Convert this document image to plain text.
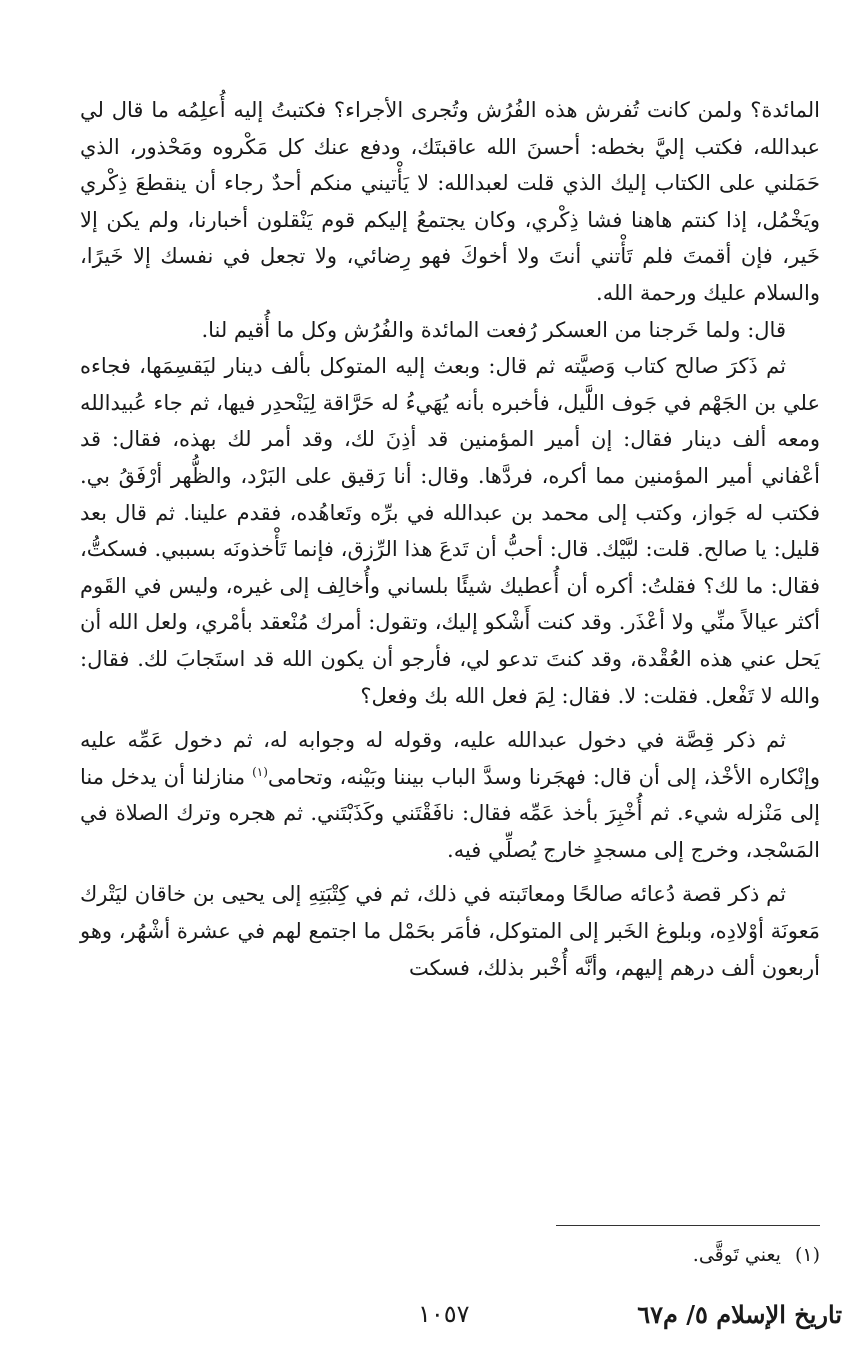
المائدة؟ ولمن كانت تُفرش هذه الفُرُش وتُجرى الأجراء؟ فكتبتُ إليه أُعلِمُه ما قال لي عبدالله، فكتب إليَّ بخطه: أحسنَ الله عاقبتَك، ودفع عنك كل مَكْروه ومَحْذور، الذي حَمَلني على الكتاب إليك الذي قلت لعبدالله: لا يَأْتيني منكم أحدٌ رجاء أن ينقطعَ ذِكْري ويَخْمُل، إذا كنتم هاهنا فشا ذِكْري، وكان يجتمعُ إليكم قوم يَنْقلون أخبارنا، ولم يكن إلا خَير، فإن أقمتَ فلم تَأْتني أنتَ ولا أخوكَ فهو رِضائي، ولا تجعل في نفسك إلا خَيرًا، والسلام عليك ورحمة الله.

قال: ولما خَرجنا من العسكر رُفعت المائدة والفُرُش وكل ما أُقيم لنا.

ثم ذَكرَ صالح كتاب وَصيَّته ثم قال: وبعث إليه المتوكل بألف دينار ليَقسِمَها، فجاءه علي بن الجَهْم في جَوف اللَّيل، فأخبره بأنه يُهَيءُ له حَرَّاقة لِيَنْحدِر فيها، ثم جاء عُبيدالله ومعه ألف دينار فقال: إن أمير المؤمنين قد أذِنَ لك، وقد أمر لك بهذه، فقال: قد أعْفاني أمير المؤمنين مما أكره، فردَّها. وقال: أنا رَقيق على البَرْد، والظُّهر أرْفَقُ بي. فكتب له جَواز، وكتب إلى محمد بن عبدالله في برِّه وتَعاهُده، فقدم علينا. ثم قال بعد قليل: يا صالح. قلت: لبَّيْك. قال: أحبُّ أن تَدعَ هذا الرِّزق، فإنما تَأْخذونَه بسببي. فسكتُّ، فقال: ما لك؟ فقلتُ: أكره أن أُعطيك شيئًا بلساني وأُخالِف إلى غيره، وليس في القَوم أكثر عيالاً منِّي ولا أعْذَر. وقد كنت أَشْكو إليك، وتقول: أمرك مُنْعقد بأمْري، ولعل الله أن يَحل عني هذه العُقْدة، وقد كنتَ تدعو لي، فأرجو أن يكون الله قد استَجابَ لك. فقال: والله لا تَفْعل. فقلت: لا. فقال: لِمَ فعل الله بك وفعل؟

ثم ذكر قِصَّة في دخول عبدالله عليه، وقوله له وجوابه له، ثم دخول عَمِّه عليه وإنْكاره الأخْذ، إلى أن قال: فهجَرنا وسدَّ الباب بيننا وبَيْنه، وتحامى$^{(١)}$ منازلنا أن يدخل منا إلى مَنْزله شيء. ثم أُخْبِرَ بأخذ عَمِّه فقال: نافَقْتَني وكَذَبْتَني. ثم هجره وترك الصلاة في المَسْجد، وخرج إلى مسجدٍ خارج يُصلِّي فيه.

ثم ذكر قصة دُعائه صالحًا ومعاتَبته في ذلك، ثم في كِتْبَتِهِ إلى يحيى بن خاقان ليَتْرك مَعونَة أوْلادِه، وبلوغ الخَبر إلى المتوكل، فأمَر بحَمْل ما اجتمع لهم في عشرة أشْهُر، وهو أربعون ألف درهم إليهم، وأنَّه أُخْبر بذلك، فسكت

(١)يعني تَوقَّى.
تاريخ الإسلام ٥/ م٦٧
١٠٥٧
